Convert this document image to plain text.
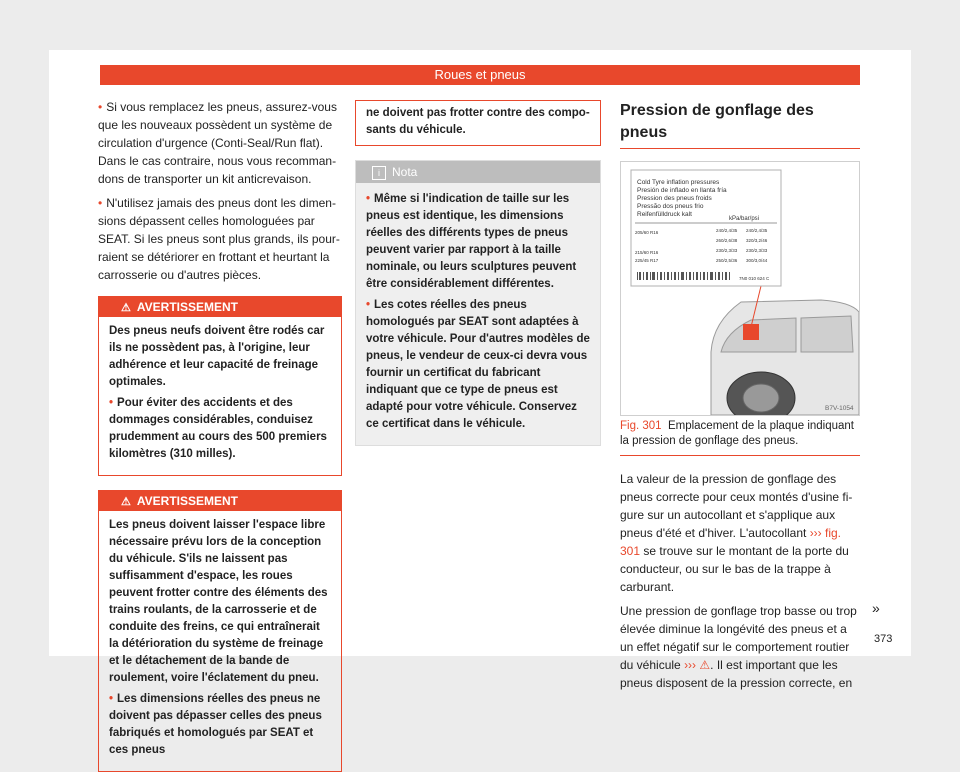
Roues et pneus

• Si vous remplacez les pneus, assurez-vous que les nouveaux possèdent un système de circulation d'urgence (Conti-Seal/Run flat). Dans le cas contraire, nous vous recommandons de transporter un kit anticrevaison.

• N'utilisez jamais des pneus dont les dimensions dépassent celles homologuées par SEAT. Si les pneus sont plus grands, ils pourraient se détériorer en frottant et heurtant la carrosserie ou d'autres pièces.

⚠ AVERTISSEMENT

Des pneus neufs doivent être rodés car ils ne possèdent pas, à l'origine, leur adhérence et leur capacité de freinage optimales.

• Pour éviter des accidents et des dommages considérables, conduisez prudemment au cours des 500 premiers kilomètres (310 milles).

⚠ AVERTISSEMENT

Les pneus doivent laisser l'espace libre nécessaire prévu lors de la conception du véhicule. S'ils ne laissent pas suffisamment d'espace, les roues peuvent frotter contre des éléments des trains roulants, de la carrosserie et de conduite des freins, ce qui entraînerait la détérioration du système de freinage et le détachement de la bande de roulement, voire l'éclatement du pneu.

• Les dimensions réelles des pneus ne doivent pas dépasser celles des pneus fabriqués et homologués par SEAT et ces pneus

ne doivent pas frotter contre des composants du véhicule.
i Nota

• Même si l'indication de taille sur les pneus est identique, les dimensions réelles des différents types de pneus peuvent varier par rapport à la taille nominale, ou leurs sculptures peuvent être considérablement différentes.

• Les cotes réelles des pneus homologués par SEAT sont adaptées à votre véhicule. Pour d'autres modèles de pneus, le vendeur de ceux-ci devra vous fournir un certificat du fabricant indiquant que ce type de pneus est adapté pour votre véhicule. Conservez ce certificat dans le véhicule.

Pression de gonflage des pneus
Cold Tyre inflation pressures
Presión de inflado en llanta fría
Pression des pneus froids
Pressão dos pneus frio
Reifenfülldruck kalt
kPa/bar/psi
205/60 R16	240/2,4/35 240/2,4/35
260/2,6/38 320/3,2/46
215/60 R16	230/2,3/33 230/2,3/33
225/45 R17	250/2,5/36 300/3,0/44
7N0 010 624 C
B7V-1054
Fig. 301 Emplacement de la plaque indiquant la pression de gonflage des pneus.

La valeur de la pression de gonflage des pneus correcte pour ceux montés d'usine figure sur un autocollant et s'applique aux pneus d'été et d'hiver. L'autocollant ››› fig. 301 se trouve sur le montant de la porte du conducteur, ou sur le bas de la trappe à carburant.

Une pression de gonflage trop basse ou trop élevée diminue la longévité des pneus et a un effet négatif sur le comportement routier du véhicule ››› ⚠. Il est important que les pneus disposent de la pression correcte, en

»
373
